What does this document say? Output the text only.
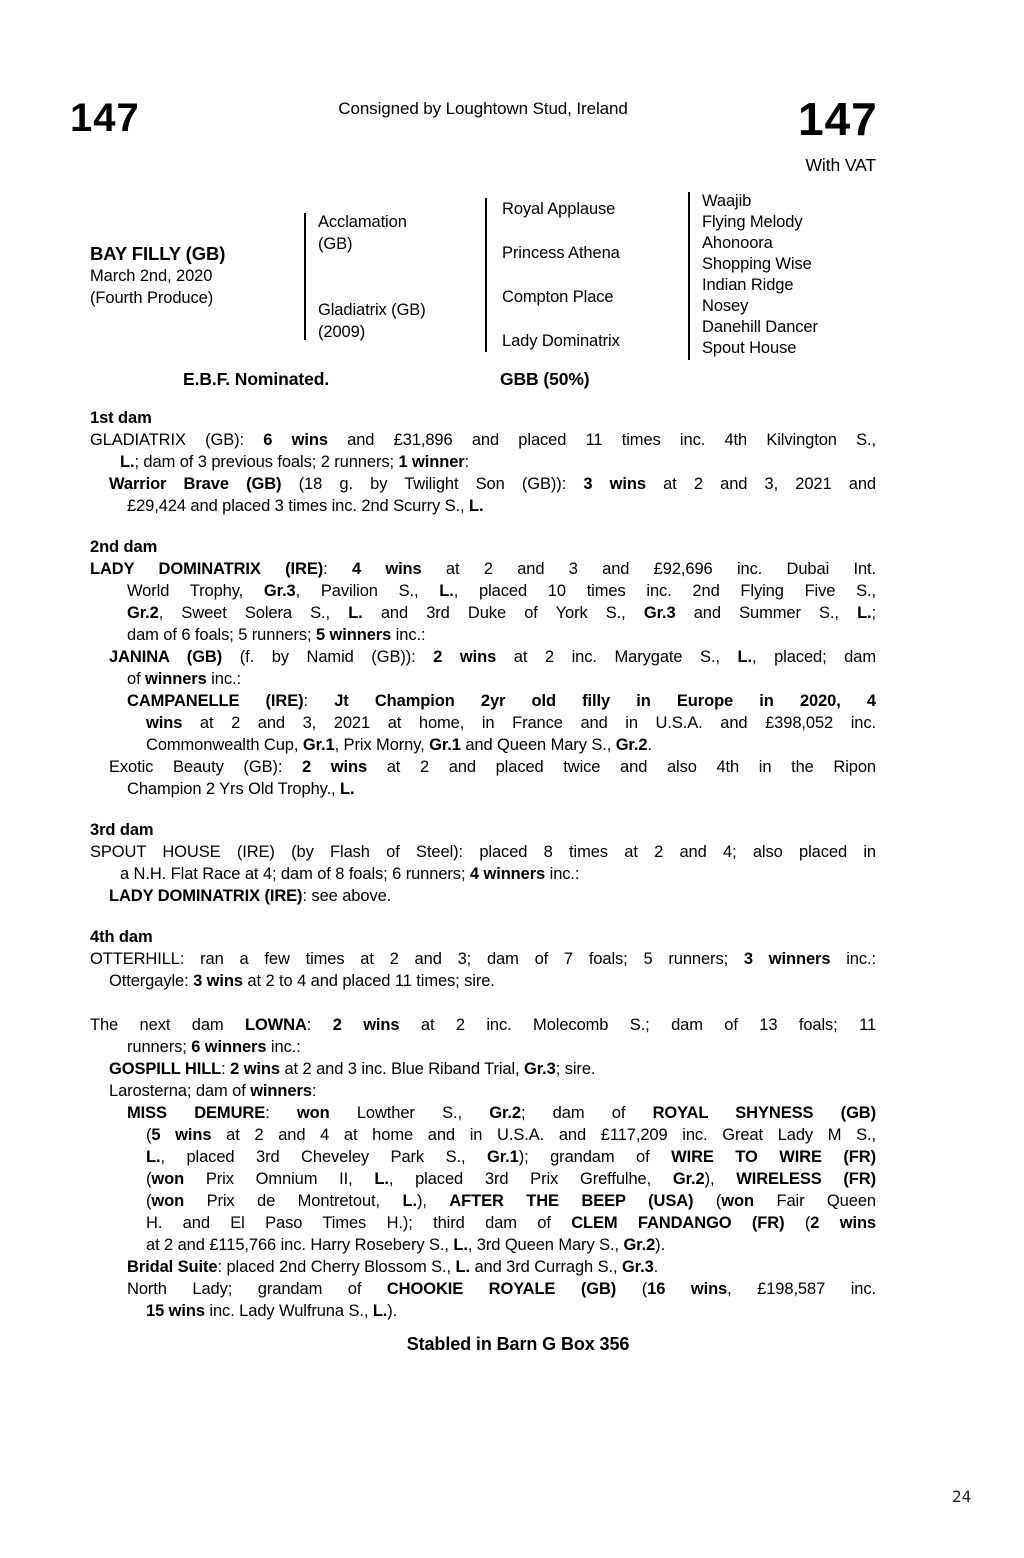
147	Consigned by Loughtown Stud, Ireland	147
With VAT
BAY FILLY (GB)
March 2nd, 2020
(Fourth Produce)
Acclamation
(GB)
Gladiatrix (GB)
(2009)
Royal Applause
Princess Athena
Compton Place
Lady Dominatrix
Waajib
Flying Melody
Ahonoora
Shopping Wise
Indian Ridge
Nosey
Danehill Dancer
Spout House
E.B.F. Nominated.	GBB (50%)
1st dam
GLADIATRIX (GB): 6 wins and £31,896 and placed 11 times inc. 4th Kilvington S.,
L.; dam of 3 previous foals; 2 runners; 1 winner:
Warrior Brave (GB) (18 g. by Twilight Son (GB)): 3 wins at 2 and 3, 2021 and
£29,424 and placed 3 times inc. 2nd Scurry S., L.
2nd dam
LADY DOMINATRIX (IRE): 4 wins at 2 and 3 and £92,696 inc. Dubai Int.
World Trophy, Gr.3, Pavilion S., L., placed 10 times inc. 2nd Flying Five S.,
Gr.2, Sweet Solera S., L. and 3rd Duke of York S., Gr.3 and Summer S., L.;
dam of 6 foals; 5 runners; 5 winners inc.:
JANINA (GB) (f. by Namid (GB)): 2 wins at 2 inc. Marygate S., L., placed; dam
of winners inc.:
CAMPANELLE (IRE): Jt Champion 2yr old filly in Europe in 2020, 4
wins at 2 and 3, 2021 at home, in France and in U.S.A. and £398,052 inc.
Commonwealth Cup, Gr.1, Prix Morny, Gr.1 and Queen Mary S., Gr.2.
Exotic Beauty (GB): 2 wins at 2 and placed twice and also 4th in the Ripon
Champion 2 Yrs Old Trophy., L.
3rd dam
SPOUT HOUSE (IRE) (by Flash of Steel): placed 8 times at 2 and 4; also placed in
a N.H. Flat Race at 4; dam of 8 foals; 6 runners; 4 winners inc.:
LADY DOMINATRIX (IRE): see above.
4th dam
OTTERHILL: ran a few times at 2 and 3; dam of 7 foals; 5 runners; 3 winners inc.:
Ottergayle: 3 wins at 2 to 4 and placed 11 times; sire.
The next dam LOWNA: 2 wins at 2 inc. Molecomb S.; dam of 13 foals; 11
runners; 6 winners inc.:
GOSPILL HILL: 2 wins at 2 and 3 inc. Blue Riband Trial, Gr.3; sire.
Larosterna; dam of winners:
MISS DEMURE: won Lowther S., Gr.2; dam of ROYAL SHYNESS (GB)
(5 wins at 2 and 4 at home and in U.S.A. and £117,209 inc. Great Lady M S.,
L., placed 3rd Cheveley Park S., Gr.1); grandam of WIRE TO WIRE (FR)
(won Prix Omnium II, L., placed 3rd Prix Greffulhe, Gr.2), WIRELESS (FR)
(won Prix de Montretout, L.), AFTER THE BEEP (USA) (won Fair Queen
H. and El Paso Times H.); third dam of CLEM FANDANGO (FR) (2 wins
at 2 and £115,766 inc. Harry Rosebery S., L., 3rd Queen Mary S., Gr.2).
Bridal Suite: placed 2nd Cherry Blossom S., L. and 3rd Curragh S., Gr.3.
North Lady; grandam of CHOOKIE ROYALE (GB) (16 wins, £198,587 inc.
15 wins inc. Lady Wulfruna S., L.).
Stabled in Barn G Box 356
24
